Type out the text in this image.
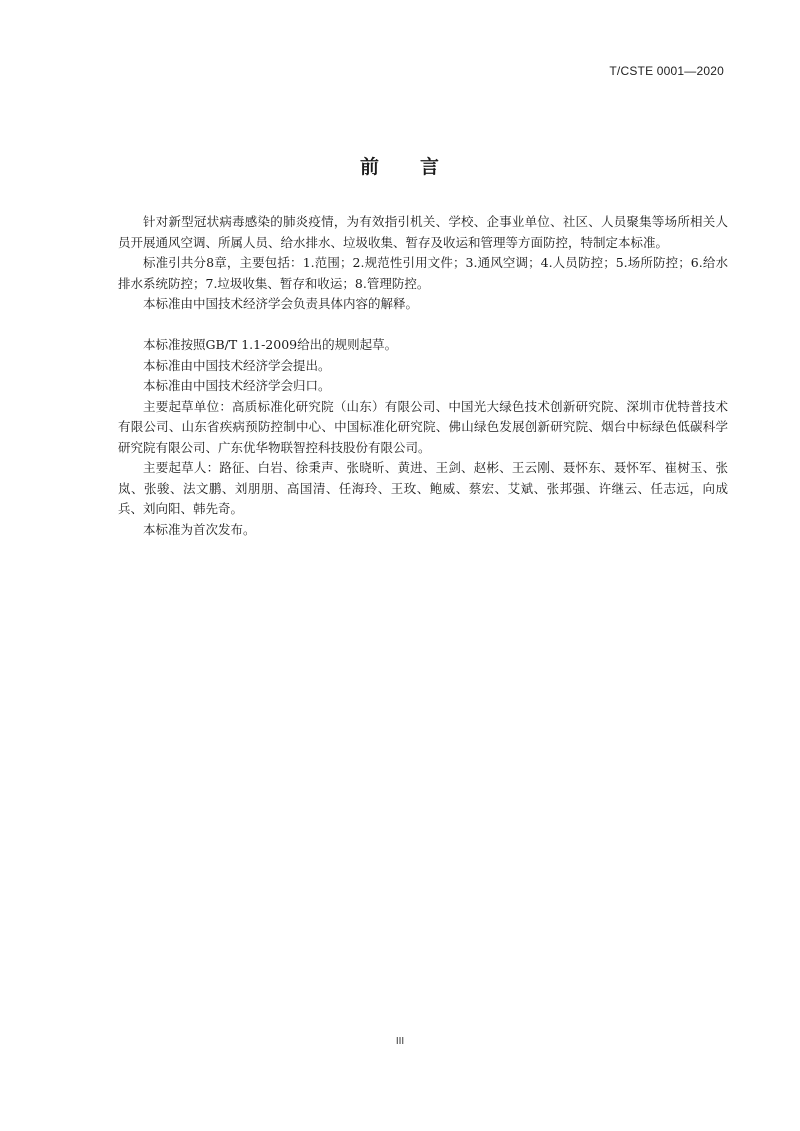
T/CSTE 0001—2020
前 言

针对新型冠状病毒感染的肺炎疫情，为有效指引机关、学校、企事业单位、社区、人员聚集等场所相关人员开展通风空调、所属人员、给水排水、垃圾收集、暂存及收运和管理等方面防控，特制定本标准。

标准引共分8章，主要包括：1.范围；2.规范性引用文件；3.通风空调；4.人员防控；5.场所防控；6.给水排水系统防控；7.垃圾收集、暂存和收运；8.管理防控。

本标准由中国技术经济学会负责具体内容的解释。

本标准按照GB/T 1.1-2009给出的规则起草。

本标准由中国技术经济学会提出。

本标准由中国技术经济学会归口。

主要起草单位：高质标准化研究院（山东）有限公司、中国光大绿色技术创新研究院、深圳市优特普技术有限公司、山东省疾病预防控制中心、中国标准化研究院、佛山绿色发展创新研究院、烟台中标绿色低碳科学研究院有限公司、广东优华物联智控科技股份有限公司。

主要起草人：路征、白岩、徐秉声、张晓昕、黄进、王剑、赵彬、王云刚、聂怀东、聂怀军、崔树玉、张岚、张骏、法文鹏、刘朋朋、高国清、任海玲、王玫、鲍威、蔡宏、艾斌、张邦强、许继云、任志远，向成兵、刘向阳、韩先奇。

本标准为首次发布。

III
